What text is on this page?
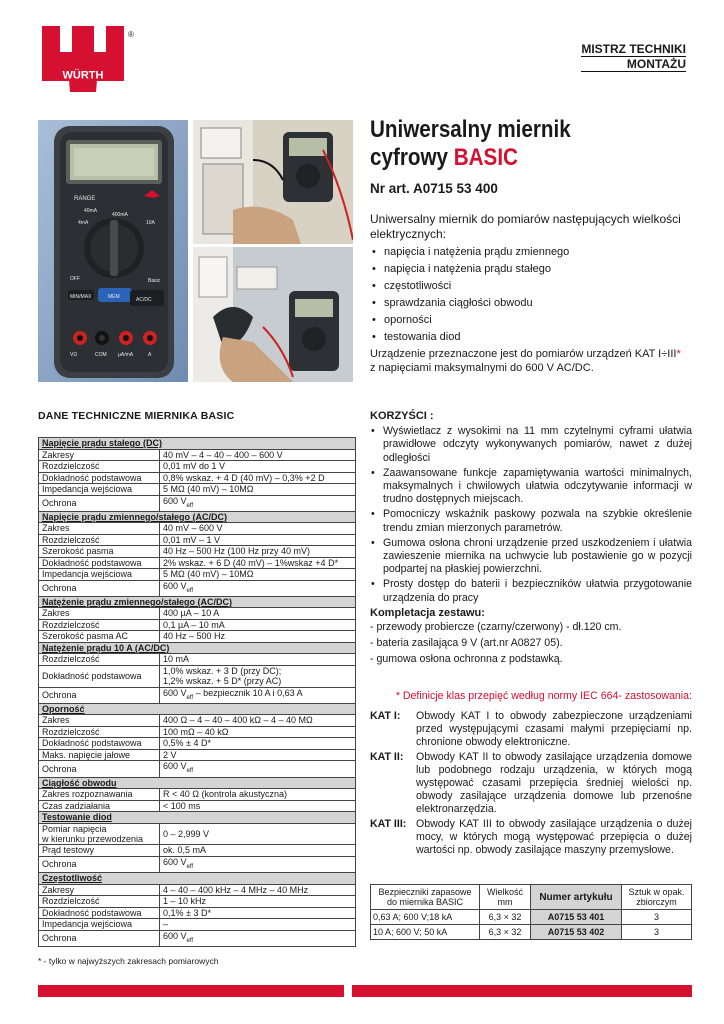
WÜRTH
®
MISTRZ TECHNIKI
MONTAŻU
RANGE
400mA
40mA
4mA	10A
OFF	Basic
MIN/MAX	MEM	AC/DC
VΩ	COM µA/mA	A
Uniwersalny miernik
cyfrowy BASIC
Nr art. A0715 53 400
Uniwersalny miernik do pomiarów następujących wielkości elektrycznych:
• napięcia i natężenia prądu zmiennego
• napięcia i natężenia prądu stałego
• częstotliwości
• sprawdzania ciągłości obwodu
• oporności
• testowania diod

Urządzenie przeznaczone jest do pomiarów urządzeń KAT I÷III*
z napięciami maksymalnymi do 600 V AC/DC.

DANE TECHNICZNE MIERNIKA BASIC
Napięcie prądu stałego (DC)	

Zakresy	40 mV – 4 – 40 – 400 – 600 V

Rozdzielczość	0,01 mV do 1 V

Dokładność podstawowa	0,8% wskaz. + 4 D (40 mV) – 0,3% +2 D

Impedancja wejściowa	5 MΩ (40 mV) – 10MΩ

Ochrona	600 $V_{eff}$

Napięcie prądu zmiennego/stałego (AC/DC)	

Zakres	40 mV – 600 V

Rozdzielczość	0,01 mV – 1 V

Szerokość pasma	40 Hz – 500 Hz (100 Hz przy 40 mV)

Dokładność podstawowa	2% wskaz. + 6 D (40 mV) – 1%wskaz +4 D*

Impedancja wejściowa	5 MΩ (40 mV) – 10MΩ

Ochrona	600 $V_{eff}$

Natężenie prądu zmiennego/stałego (AC/DC)	

Zakres	400 µA – 10 A

Rozdzielczość	0,1 µA – 10 mA

Szerokość pasma AC	40 Hz – 500 Hz

Natężenie prądu 10 A (AC/DC)	

Rozdzielczość	10 mA

Dokładność podstawowa	1,0% wskaz. + 3 D (przy DC);
1,2% wskaz. + 5 D* (przy AC)

Ochrona	600 $V_{eff}$ – bezpiecznik 10 A i 0,63 A

Oporność	

Zakres	400 Ω – 4 – 40 – 400 kΩ – 4 – 40 MΩ

Rozdzielczość	100 mΩ – 40 kΩ

Dokładność podstawowa	0,5% ± 4 D*

Maks. napięcie jałowe	2 V

Ochrona	600 $V_{eff}$

Ciągłość obwodu	

Zakres rozpoznawania	R < 40 Ω (kontrola akustyczna)

Czas zadziałania	< 100 ms

Testowanie diod	

Pomiar napięcia
w kierunku przewodzenia	0 – 2,999 V

Prąd testowy	ok. 0,5 mA

Ochrona	600 $V_{eff}$

Częstotliwość	

Zakresy	4 – 40 – 400 kHz – 4 MHz – 40 MHz

Rozdzielczość	1 – 10 kHz

Dokładność podstawowa	0,1% ± 3 D*

Impedancja wejściowa	–

Ochrona	600 $V_{eff}$
* - tylko w najwyższych zakresach pomiarowych
KORZYŚCI :
• Wyświetlacz z wysokimi na 11 mm czytelnymi cyframi ułatwia prawidłowe odczyty wykonywanych pomiarów, nawet z dużej odległości
• Zaawansowane funkcje zapamiętywania wartości minimalnych, maksymalnych i chwilowych ułatwia odczytywanie informacji w trudno dostępnych miejscach.
• Pomocniczy wskaźnik paskowy pozwala na szybkie określenie trendu zmian mierzonych parametrów.
• Gumowa osłona chroni urządzenie przed uszkodzeniem i ułatwia zawieszenie miernika na uchwycie lub postawienie go w pozycji podpartej na płaskiej powierzchni.
• Prosty dostęp do baterii i bezpieczników ułatwia przygotowanie urządzenia do pracy
Kompletacja zestawu:
- przewody probiercze (czarny/czerwony) - dł.120 cm.
- bateria zasilająca 9 V (art.nr A0827 05).
- gumowa osłona ochronna z podstawką.
* Definicje klas przepięć według normy IEC 664- zastosowania:
KAT I:	Obwody KAT I to obwody zabezpieczone urządzeniami przed występującymi czasami małymi przepięciami np. chronione obwody elektroniczne.
KAT II:	Obwody KAT II to obwody zasilające urządzenia domowe lub podobnego rodzaju urządzenia, w których mogą występować czasami przepięcia średniej wielości np. obwody zasilające urządzenia domowe lub przenośne elektronarzędzia.
KAT III: Obwody KAT III to obwody zasilające urządzenia o dużej mocy, w których mogą występować przepięcia o dużej wartości np. obwody zasilające maszyny przemysłowe.
Bezpieczniki zapasowe do miernika BASIC	Wielkość mm	Numer artykułu	Sztuk w opak. zbiorczym
0,63 A; 600 V;18 kA	6,3 × 32	A0715 53 401	3
10 A; 600 V; 50 kA	6,3 × 32	A0715 53 402	3
